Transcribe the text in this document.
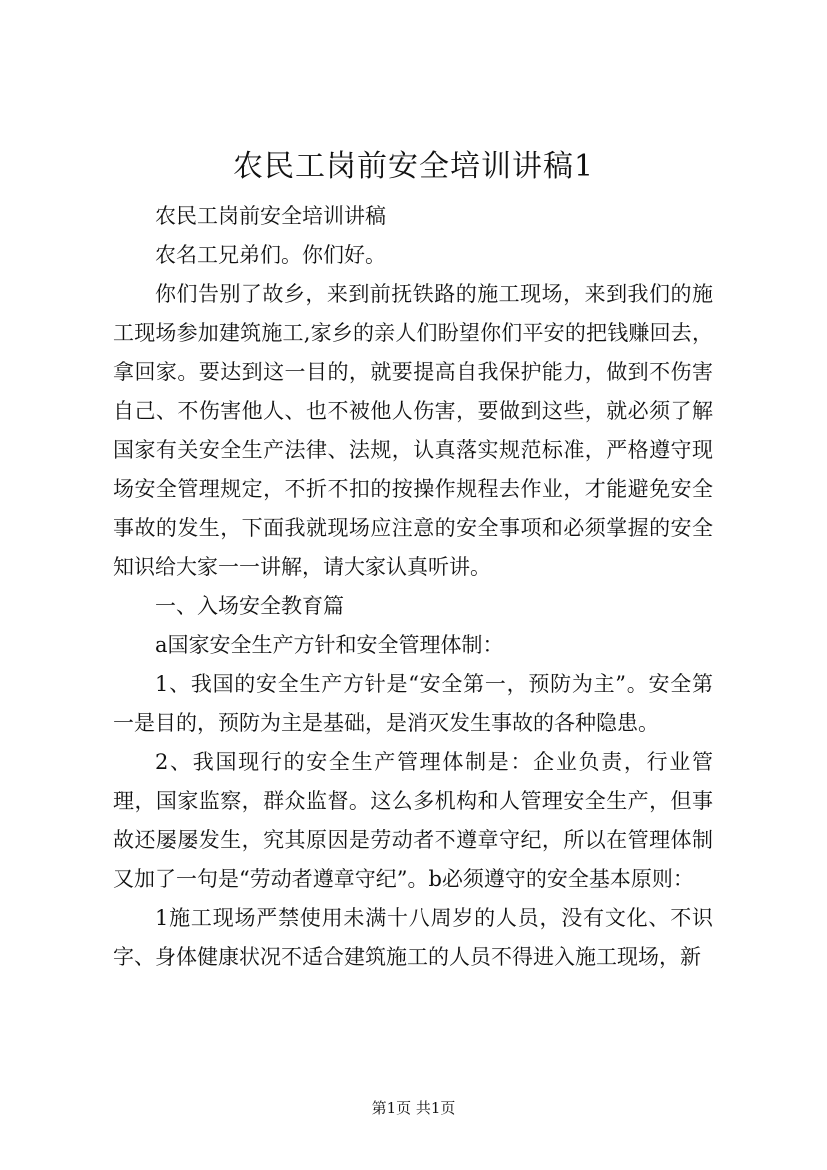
农民工岗前安全培训讲稿1

农民工岗前安全培训讲稿

农名工兄弟们。你们好。

你们告别了故乡，来到前抚铁路的施工现场，来到我们的施工现场参加建筑施工,家乡的亲人们盼望你们平安的把钱赚回去，拿回家。要达到这一目的，就要提高自我保护能力，做到不伤害自己、不伤害他人、也不被他人伤害，要做到这些，就必须了解国家有关安全生产法律、法规，认真落实规范标准，严格遵守现场安全管理规定，不折不扣的按操作规程去作业，才能避免安全事故的发生，下面我就现场应注意的安全事项和必须掌握的安全知识给大家一一讲解，请大家认真听讲。

一、入场安全教育篇

a国家安全生产方针和安全管理体制：

1、我国的安全生产方针是“安全第一，预防为主”。安全第一是目的，预防为主是基础，是消灭发生事故的各种隐患。

2、我国现行的安全生产管理体制是：企业负责，行业管理，国家监察，群众监督。这么多机构和人管理安全生产，但事故还屡屡发生，究其原因是劳动者不遵章守纪，所以在管理体制又加了一句是“劳动者遵章守纪”。b必须遵守的安全基本原则：

1施工现场严禁使用未满十八周岁的人员，没有文化、不识字、身体健康状况不适合建筑施工的人员不得进入施工现场，新

第1页 共1页
